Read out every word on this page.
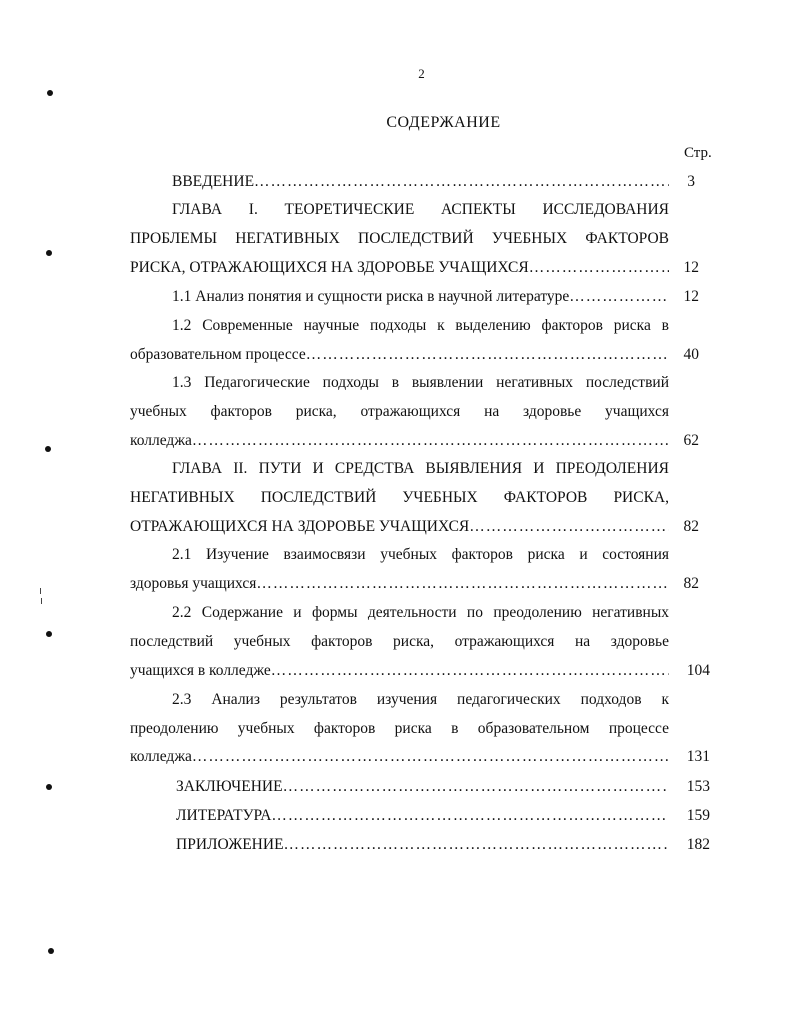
2
СОДЕРЖАНИЕ
Стр.
ВВЕДЕНИЕ …………………………………………………………………………………………………………………………………………………………………………	3
ГЛАВА I. ТЕОРЕТИЧЕСКИЕ АСПЕКТЫ ИССЛЕДОВАНИЯ
ПРОБЛЕМЫ НЕГАТИВНЫХ ПОСЛЕДСТВИЙ УЧЕБНЫХ ФАКТОРОВ
РИСКА, ОТРАЖАЮЩИХСЯ НА ЗДОРОВЬЕ УЧАЩИХСЯ …………………………………………………………………………………………………………………………………………………………………………	12
1.1 Анализ понятия и сущности риска в научной литературе …………………………………………………………………………………………………………………………………………………………………………	12
1.2 Современные научные подходы к выделению факторов риска в
образовательном процессе …………………………………………………………………………………………………………………………………………………………………………	40
1.3 Педагогические подходы в выявлении негативных последствий
учебных факторов риска, отражающихся на здоровье учащихся
колледжа …………………………………………………………………………………………………………………………………………………………………………	62
ГЛАВА II. ПУТИ И СРЕДСТВА ВЫЯВЛЕНИЯ И ПРЕОДОЛЕНИЯ
НЕГАТИВНЫХ ПОСЛЕДСТВИЙ УЧЕБНЫХ ФАКТОРОВ РИСКА,
ОТРАЖАЮЩИХСЯ НА ЗДОРОВЬЕ УЧАЩИХСЯ …………………………………………………………………………………………………………………………………………………………………………	82
2.1 Изучение взаимосвязи учебных факторов риска и состояния
здоровья учащихся …………………………………………………………………………………………………………………………………………………………………………	82
2.2 Содержание и формы деятельности по преодолению негативных
последствий учебных факторов риска, отражающихся на здоровье
учащихся в колледже …………………………………………………………………………………………………………………………………………………………………………	104
2.3 Анализ результатов изучения педагогических подходов к
преодолению учебных факторов риска в образовательном процессе
колледжа …………………………………………………………………………………………………………………………………………………………………………	131
ЗАКЛЮЧЕНИЕ …………………………………………………………………………………………………………………………………………………………………………	153
ЛИТЕРАТУРА …………………………………………………………………………………………………………………………………………………………………………	159
ПРИЛОЖЕНИЕ …………………………………………………………………………………………………………………………………………………………………………	182
